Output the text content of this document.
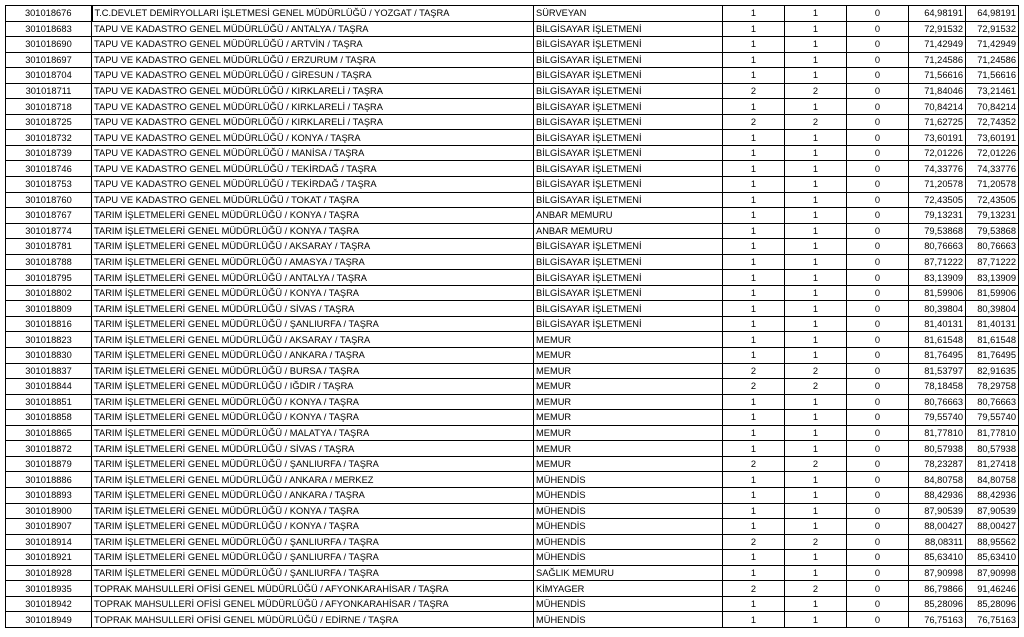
301018676	T.C.DEVLET DEMİRYOLLARI İŞLETMESİ GENEL MÜDÜRLÜĞÜ / YOZGAT / TAŞRA	SÜRVEYAN	1	1	0	64,98191	64,98191
301018683	TAPU VE KADASTRO GENEL MÜDÜRLÜĞÜ / ANTALYA / TAŞRA	BİLGİSAYAR İŞLETMENİ	1	1	0	72,91532	72,91532
301018690	TAPU VE KADASTRO GENEL MÜDÜRLÜĞÜ / ARTVİN / TAŞRA	BİLGİSAYAR İŞLETMENİ	1	1	0	71,42949	71,42949
301018697	TAPU VE KADASTRO GENEL MÜDÜRLÜĞÜ / ERZURUM / TAŞRA	BİLGİSAYAR İŞLETMENİ	1	1	0	71,24586	71,24586
301018704	TAPU VE KADASTRO GENEL MÜDÜRLÜĞÜ / GİRESUN / TAŞRA	BİLGİSAYAR İŞLETMENİ	1	1	0	71,56616	71,56616
301018711	TAPU VE KADASTRO GENEL MÜDÜRLÜĞÜ / KIRKLARELİ / TAŞRA	BİLGİSAYAR İŞLETMENİ	2	2	0	71,84046	73,21461
301018718	TAPU VE KADASTRO GENEL MÜDÜRLÜĞÜ / KIRKLARELİ / TAŞRA	BİLGİSAYAR İŞLETMENİ	1	1	0	70,84214	70,84214
301018725	TAPU VE KADASTRO GENEL MÜDÜRLÜĞÜ / KIRKLARELİ / TAŞRA	BİLGİSAYAR İŞLETMENİ	2	2	0	71,62725	72,74352
301018732	TAPU VE KADASTRO GENEL MÜDÜRLÜĞÜ / KONYA / TAŞRA	BİLGİSAYAR İŞLETMENİ	1	1	0	73,60191	73,60191
301018739	TAPU VE KADASTRO GENEL MÜDÜRLÜĞÜ / MANİSA / TAŞRA	BİLGİSAYAR İŞLETMENİ	1	1	0	72,01226	72,01226
301018746	TAPU VE KADASTRO GENEL MÜDÜRLÜĞÜ / TEKİRDAĞ / TAŞRA	BİLGİSAYAR İŞLETMENİ	1	1	0	74,33776	74,33776
301018753	TAPU VE KADASTRO GENEL MÜDÜRLÜĞÜ / TEKİRDAĞ / TAŞRA	BİLGİSAYAR İŞLETMENİ	1	1	0	71,20578	71,20578
301018760	TAPU VE KADASTRO GENEL MÜDÜRLÜĞÜ / TOKAT / TAŞRA	BİLGİSAYAR İŞLETMENİ	1	1	0	72,43505	72,43505
301018767	TARIM İŞLETMELERİ GENEL MÜDÜRLÜĞÜ / KONYA / TAŞRA	ANBAR MEMURU	1	1	0	79,13231	79,13231
301018774	TARIM İŞLETMELERİ GENEL MÜDÜRLÜĞÜ / KONYA / TAŞRA	ANBAR MEMURU	1	1	0	79,53868	79,53868
301018781	TARIM İŞLETMELERİ GENEL MÜDÜRLÜĞÜ / AKSARAY / TAŞRA	BİLGİSAYAR İŞLETMENİ	1	1	0	80,76663	80,76663
301018788	TARIM İŞLETMELERİ GENEL MÜDÜRLÜĞÜ / AMASYA / TAŞRA	BİLGİSAYAR İŞLETMENİ	1	1	0	87,71222	87,71222
301018795	TARIM İŞLETMELERİ GENEL MÜDÜRLÜĞÜ / ANTALYA / TAŞRA	BİLGİSAYAR İŞLETMENİ	1	1	0	83,13909	83,13909
301018802	TARIM İŞLETMELERİ GENEL MÜDÜRLÜĞÜ / KONYA / TAŞRA	BİLGİSAYAR İŞLETMENİ	1	1	0	81,59906	81,59906
301018809	TARIM İŞLETMELERİ GENEL MÜDÜRLÜĞÜ / SİVAS / TAŞRA	BİLGİSAYAR İŞLETMENİ	1	1	0	80,39804	80,39804
301018816	TARIM İŞLETMELERİ GENEL MÜDÜRLÜĞÜ / ŞANLIURFA / TAŞRA	BİLGİSAYAR İŞLETMENİ	1	1	0	81,40131	81,40131
301018823	TARIM İŞLETMELERİ GENEL MÜDÜRLÜĞÜ / AKSARAY / TAŞRA	MEMUR	1	1	0	81,61548	81,61548
301018830	TARIM İŞLETMELERİ GENEL MÜDÜRLÜĞÜ / ANKARA / TAŞRA	MEMUR	1	1	0	81,76495	81,76495
301018837	TARIM İŞLETMELERİ GENEL MÜDÜRLÜĞÜ / BURSA / TAŞRA	MEMUR	2	2	0	81,53797	82,91635
301018844	TARIM İŞLETMELERİ GENEL MÜDÜRLÜĞÜ / IĞDIR / TAŞRA	MEMUR	2	2	0	78,18458	78,29758
301018851	TARIM İŞLETMELERİ GENEL MÜDÜRLÜĞÜ / KONYA / TAŞRA	MEMUR	1	1	0	80,76663	80,76663
301018858	TARIM İŞLETMELERİ GENEL MÜDÜRLÜĞÜ / KONYA / TAŞRA	MEMUR	1	1	0	79,55740	79,55740
301018865	TARIM İŞLETMELERİ GENEL MÜDÜRLÜĞÜ / MALATYA / TAŞRA	MEMUR	1	1	0	81,77810	81,77810
301018872	TARIM İŞLETMELERİ GENEL MÜDÜRLÜĞÜ / SİVAS / TAŞRA	MEMUR	1	1	0	80,57938	80,57938
301018879	TARIM İŞLETMELERİ GENEL MÜDÜRLÜĞÜ / ŞANLIURFA / TAŞRA	MEMUR	2	2	0	78,23287	81,27418
301018886	TARIM İŞLETMELERİ GENEL MÜDÜRLÜĞÜ / ANKARA / MERKEZ	MÜHENDİS	1	1	0	84,80758	84,80758
301018893	TARIM İŞLETMELERİ GENEL MÜDÜRLÜĞÜ / ANKARA / TAŞRA	MÜHENDİS	1	1	0	88,42936	88,42936
301018900	TARIM İŞLETMELERİ GENEL MÜDÜRLÜĞÜ / KONYA / TAŞRA	MÜHENDİS	1	1	0	87,90539	87,90539
301018907	TARIM İŞLETMELERİ GENEL MÜDÜRLÜĞÜ / KONYA / TAŞRA	MÜHENDİS	1	1	0	88,00427	88,00427
301018914	TARIM İŞLETMELERİ GENEL MÜDÜRLÜĞÜ / ŞANLIURFA / TAŞRA	MÜHENDİS	2	2	0	88,08311	88,95562
301018921	TARIM İŞLETMELERİ GENEL MÜDÜRLÜĞÜ / ŞANLIURFA / TAŞRA	MÜHENDİS	1	1	0	85,63410	85,63410
301018928	TARIM İŞLETMELERİ GENEL MÜDÜRLÜĞÜ / ŞANLIURFA / TAŞRA	SAĞLIK MEMURU	1	1	0	87,90998	87,90998
301018935	TOPRAK MAHSULLERİ OFİSİ GENEL MÜDÜRLÜĞÜ / AFYONKARAHİSAR / TAŞRA	KİMYAGER	2	2	0	86,79866	91,46246
301018942	TOPRAK MAHSULLERİ OFİSİ GENEL MÜDÜRLÜĞÜ / AFYONKARAHİSAR / TAŞRA	MÜHENDİS	1	1	0	85,28096	85,28096
301018949	TOPRAK MAHSULLERİ OFİSİ GENEL MÜDÜRLÜĞÜ / EDİRNE / TAŞRA	MÜHENDİS	1	1	0	76,75163	76,75163
